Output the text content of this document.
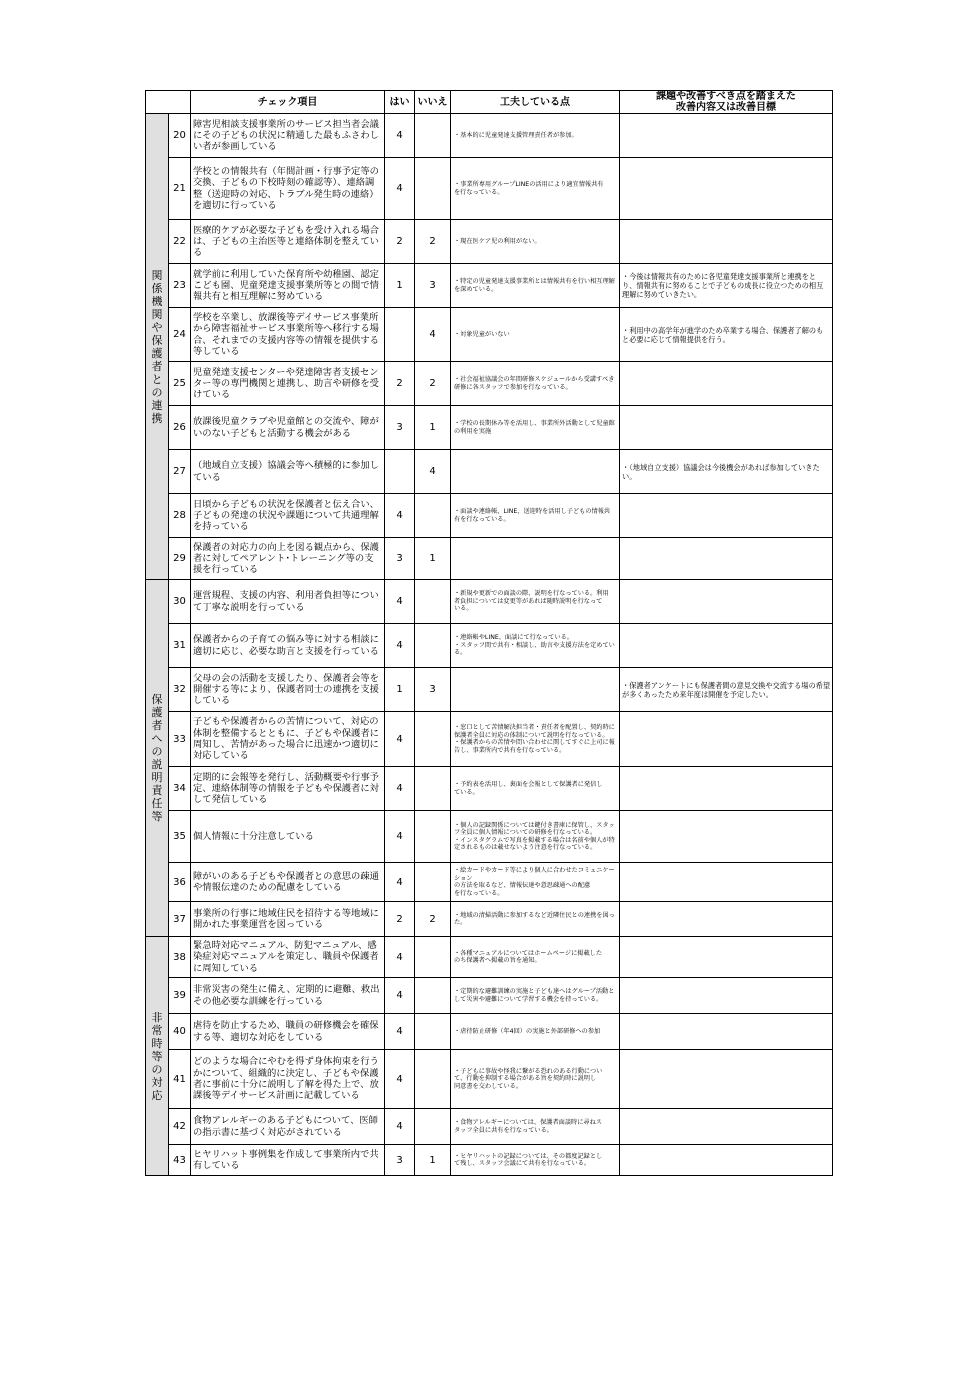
		チェック項目	はい	いいえ	工夫している点	課題や改善すべき点を踏まえた
改善内容又は改善目標
関係機関や保護者との連携	20	障害児相談支援事業所のサービス担当者会議にその子どもの状況に精通した最もふさわしい者が参画している	4		・基本的に児童発達支援管理責任者が参加。	
	21	学校との情報共有（年間計画・行事予定等の交換、子どもの下校時刻の確認等）、連絡調整（送迎時の対応、トラブル発生時の連絡）を適切に行っている	4		・事業所専用グループLINEの活用により適宜情報共有
を行なっている。	
	22	医療的ケアが必要な子どもを受け入れる場合は、子どもの主治医等と連絡体制を整えている	2	2	・現在医ケア児の利用がない。	
	23	就学前に利用していた保育所や幼稚園、認定こども園、児童発達支援事業所等との間で情報共有と相互理解に努めている	1	3	・特定の児童発達支援事業所とは情報共有を行い相互理解を深めている。	・今後は情報共有のために各児童発達支援事業所と連携をとり、情報共有に努めることで子どもの成長に役立つための相互理解に努めていきたい。
	24	学校を卒業し、放課後等デイサービス事業所から障害福祉サービス事業所等へ移行する場合、それまでの支援内容等の情報を提供する等している		4	・対象児童がいない	・利用中の高学年が進学のため卒業する場合、保護者了解のもと必要に応じて情報提供を行う。
	25	児童発達支援センターや発達障害者支援センター等の専門機関と連携し、助言や研修を受けている	2	2	・社会福祉協議会の年間研修スケジュールから受講すべき研修に各スタッフで参加を行なっている。	
	26	放課後児童クラブや児童館との交流や、障がいのない子どもと活動する機会がある	3	1	・学校の長期休み等を活用し、事業所外活動として児童館の利用を実施	
	27	（地域自立支援）協議会等へ積極的に参加している		4		・（地域自立支援）協議会は今後機会があれば参加していきたい。
	28	日頃から子どもの状況を保護者と伝え合い、子どもの発達の状況や課題について共通理解を持っている	4		・面談や連絡帳、LINE、送迎時を活用し子どもの情報共有を行なっている。	
	29	保護者の対応力の向上を図る観点から、保護者に対してペアレント･トレーニング等の支援を行っている	3	1		
保護者への説明責任等	30	運営規程、支援の内容、利用者負担等について丁寧な説明を行っている	4		・新規や更新での面談の際、説明を行なっている。利用
者負担については変更等があれば随時説明を行なって
いる。	
	31	保護者からの子育ての悩み等に対する相談に適切に応じ、必要な助言と支援を行っている	4		・連絡帳やLINE、面談にて行なっている。
・スタッフ間で共有・相談し、助言や支援方法を定めている。	
	32	父母の会の活動を支援したり、保護者会等を開催する等により、保護者同士の連携を支援している	1	3		・保護者アンケートにも保護者間の意見交換や交流する場の希望が多くあったため来年度は開催を予定したい。
	33	子どもや保護者からの苦情について、対応の体制を整備するとともに、子どもや保護者に周知し、苦情があった場合に迅速かつ適切に対応している	4		・窓口として苦情解決担当者・責任者を配置し、契約時に保護者全員に対応の体制について説明を行なっている。
・保護者からの苦情や問い合わせに関してすぐに上司に報告し、事業所内で共有を行なっている。	
	34	定期的に会報等を発行し、活動概要や行事予定、連絡体制等の情報を子どもや保護者に対して発信している	4		・予約表を活用し、裏面を会報として保護者に発信し
ている。	
	35	個人情報に十分注意している	4		・個人の記録関係については鍵付き書庫に保管し、スタッフ全員に個人情報についての研修を行なっている。
・インスタグラムで写真を掲載する場合は名前や個人が特定されるものは載せないよう注意を行なっている。	
	36	障がいのある子どもや保護者との意思の疎通や情報伝達のための配慮をしている	4		・絵カードやカード等により個人に合わせたコミュニケーション
の方法を取るなど、情報伝達や意思疎通への配慮
を行なっている。	
	37	事業所の行事に地域住民を招待する等地域に開かれた事業運営を図っている	2	2	・地域の清掃活動に参加するなど近隣住民との連携を図った。	
非常時等の対応	38	緊急時対応マニュアル、防犯マニュアル、感染症対応マニュアルを策定し、職員や保護者に周知している	4		・各種マニュアルについてはホームページに掲載した
のち保護者へ掲載の旨を通知。	
	39	非常災害の発生に備え、定期的に避難、救出その他必要な訓練を行っている	4		・定期的な避難訓練の実施と子ども達へはグループ活動として災害や避難について学習する機会を持っている。	
	40	虐待を防止するため、職員の研修機会を確保する等、適切な対応をしている	4		・虐待防止研修（年4回）の実施と外部研修への参加	
	41	どのような場合にやむを得ず身体拘束を行うかについて、組織的に決定し、子どもや保護者に事前に十分に説明し了解を得た上で、放課後等デイサービス計画に記載している	4		・子どもに事故や怪我に繋がる恐れのある行動につい
て、行動を抑制する場合がある旨を契約時に説明し
同意書を交わしている。	
	42	食物アレルギーのある子どもについて、医師の指示書に基づく対応がされている	4		・食物アレルギーについては、保護者面談時に尋ねス
タッフ全員に共有を行なっている。	
	43	ヒヤリハット事例集を作成して事業所内で共有している	3	1	・ヒヤリハットの記録については、その都度記録とし
て残し、スタッフ会議にて共有を行なっている。	
